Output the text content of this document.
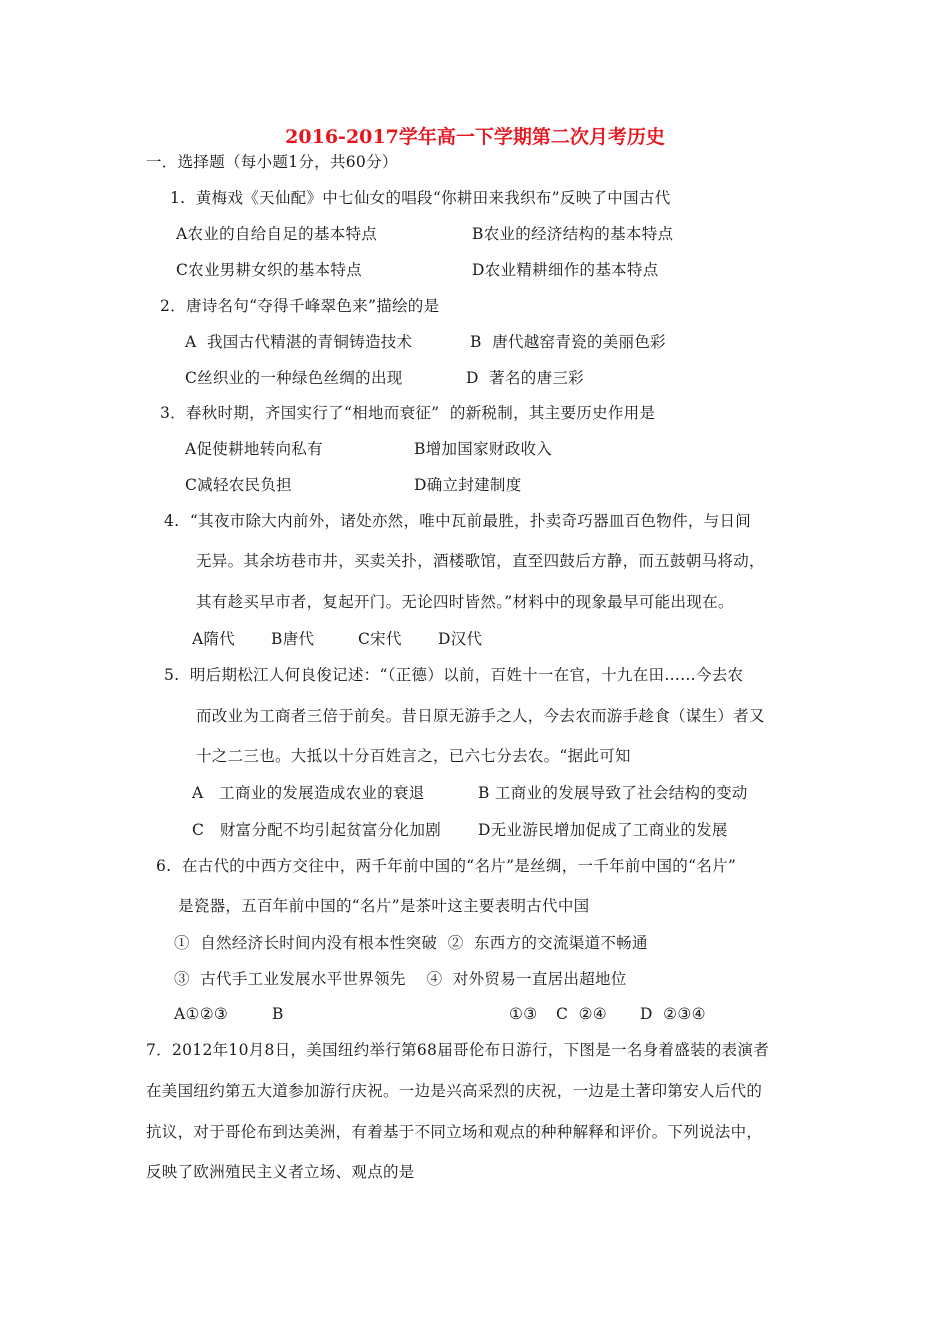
2016-2017学年高一下学期第二次月考历史
一．选择题（每小题1分，共60分）
1.  黄梅戏《天仙配》中七仙女的唱段“你耕田来我织布”反映了中国古代
A农业的自给自足的基本特点	B农业的经济结构的基本特点
C农业男耕女织的基本特点	D农业精耕细作的基本特点
2．唐诗名句“夺得千峰翠色来”描绘的是
A  我国古代精湛的青铜铸造技术	B  唐代越窑青瓷的美丽色彩
C丝织业的一种绿色丝绸的出现	D  著名的唐三彩
3．春秋时期，齐国实行了“相地而衰征”  的新税制，其主要历史作用是
A促使耕地转向私有	B增加国家财政收入
C减轻农民负担	D确立封建制度
4.  “其夜市除大内前外，诸处亦然，唯中瓦前最胜，扑卖奇巧器皿百色物件，与日间
无异。其余坊巷市井，买卖关扑，酒楼歌馆，直至四鼓后方静，而五鼓朝马将动，
其有趁买早市者，复起开门。无论四时皆然。”材料中的现象最早可能出现在。
A隋代 B唐代	C宋代 D汉代
5.  明后期松江人何良俊记述：“（正德）以前，百姓十一在官，十九在田……今去农
而改业为工商者三倍于前矣。昔日原无游手之人，今去农而游手趁食（谋生）者又
十之二三也。大抵以十分百姓言之，已六七分去农。“据此可知
A   工商业的发展造成农业的衰退	B 工商业的发展导致了社会结构的变动
C   财富分配不均引起贫富分化加剧 D无业游民增加促成了工商业的发展
6.  在古代的中西方交往中，两千年前中国的“名片”是丝绸，一千年前中国的“名片”
是瓷器，五百年前中国的“名片”是茶叶这主要表明古代中国
①  自然经济长时间内没有根本性突破  ②  东西方的交流渠道不畅通
③  古代手工业发展水平世界领先    ④  对外贸易一直居出超地位
A①②③	B	①③ C  ②④ D  ②③④
7．2012年10月8日，美国纽约举行第68届哥伦布日游行，下图是一名身着盛装的表演者
在美国纽约第五大道参加游行庆祝。一边是兴高采烈的庆祝，一边是土著印第安人后代的
抗议，对于哥伦布到达美洲，有着基于不同立场和观点的种种解释和评价。下列说法中，
反映了欧洲殖民主义者立场、观点的是
